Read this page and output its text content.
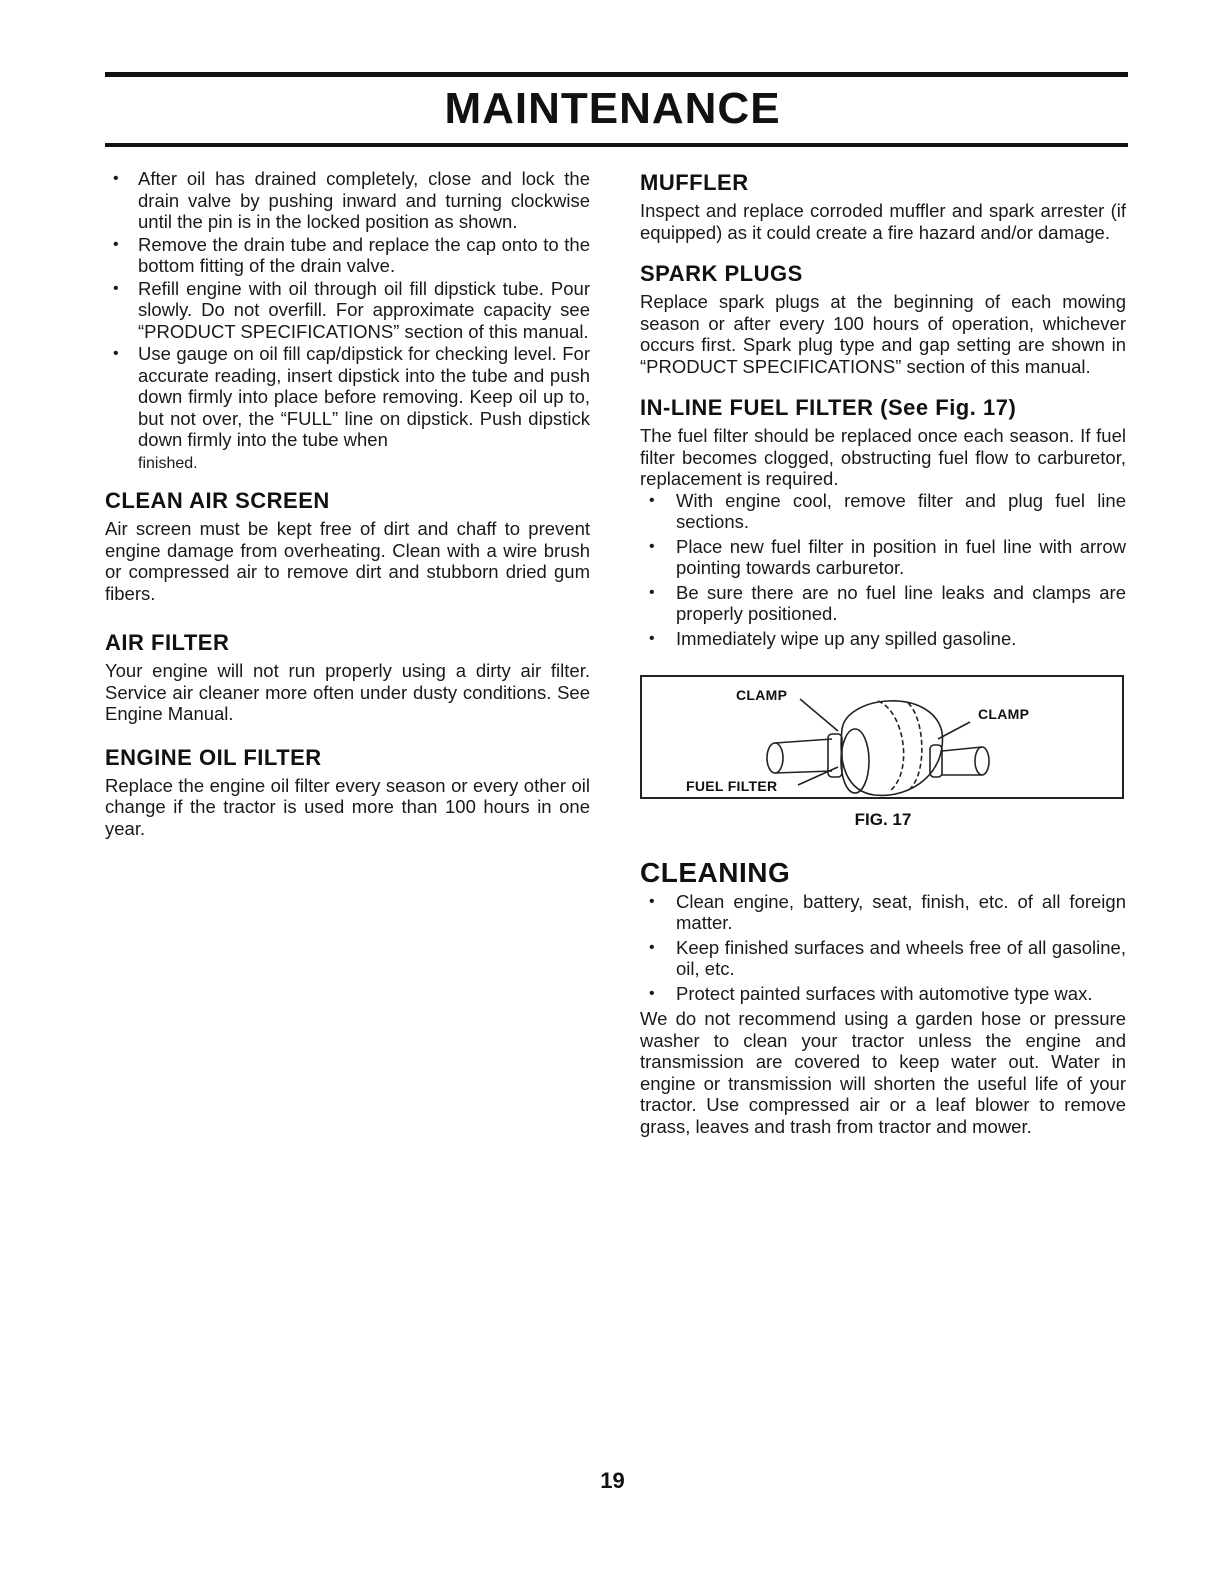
MAINTENANCE
• After oil has drained completely, close and lock the drain valve by pushing inward and turning clockwise until the pin is in the locked position as shown.
• Remove the drain tube and replace the cap onto to the bottom fitting of the drain valve.
• Refill engine with oil through oil fill dipstick tube. Pour slowly. Do not overfill. For approximate capacity see “PRODUCT SPECIFICATIONS” section of this manual.
• Use gauge on oil fill cap/dipstick for checking level. For accurate reading, insert dipstick into the tube and push down firmly into place before removing. Keep oil up to, but not over, the “FULL” line on dipstick. Push dipstick down firmly into the tube when
finished.
CLEAN AIR SCREEN

Air screen must be kept free of dirt and chaff to prevent engine damage from overheating. Clean with a wire brush or compressed air to remove dirt and stubborn dried gum fibers.

AIR FILTER

Your engine will not run properly using a dirty air filter. Service air cleaner more often under dusty conditions. See Engine Manual.

ENGINE OIL FILTER

Replace the engine oil filter every season or every other oil change if the tractor is used more than 100 hours in one year.

MUFFLER

Inspect and replace corroded muffler and spark arrester (if equipped) as it could create a fire hazard and/or damage.

SPARK PLUGS

Replace spark plugs at the beginning of each mowing season or after every 100 hours of operation, whichever occurs first. Spark plug type and gap setting are shown in “PRODUCT SPECIFICATIONS” section of this manual.

IN-LINE FUEL FILTER (See Fig. 17)

The fuel filter should be replaced once each season. If fuel filter becomes clogged, obstructing fuel flow to carburetor, replacement is required.

• With engine cool, remove filter and plug fuel line sections.
• Place new fuel filter in position in fuel line with arrow pointing towards carburetor.
• Be sure there are no fuel line leaks and clamps are properly positioned.
• Immediately wipe up any spilled gasoline.
CLAMP
CLAMP
FUEL FILTER
FIG. 17
CLEANING
• Clean engine, battery, seat, finish, etc. of all foreign matter.
• Keep finished surfaces and wheels free of all gasoline, oil, etc.
• Protect painted surfaces with automotive type wax.

We do not recommend using a garden hose or pressure washer to clean your tractor unless the engine and transmission are covered to keep water out. Water in engine or transmission will shorten the useful life of your tractor. Use compressed air or a leaf blower to remove grass, leaves and trash from tractor and mower.

19
